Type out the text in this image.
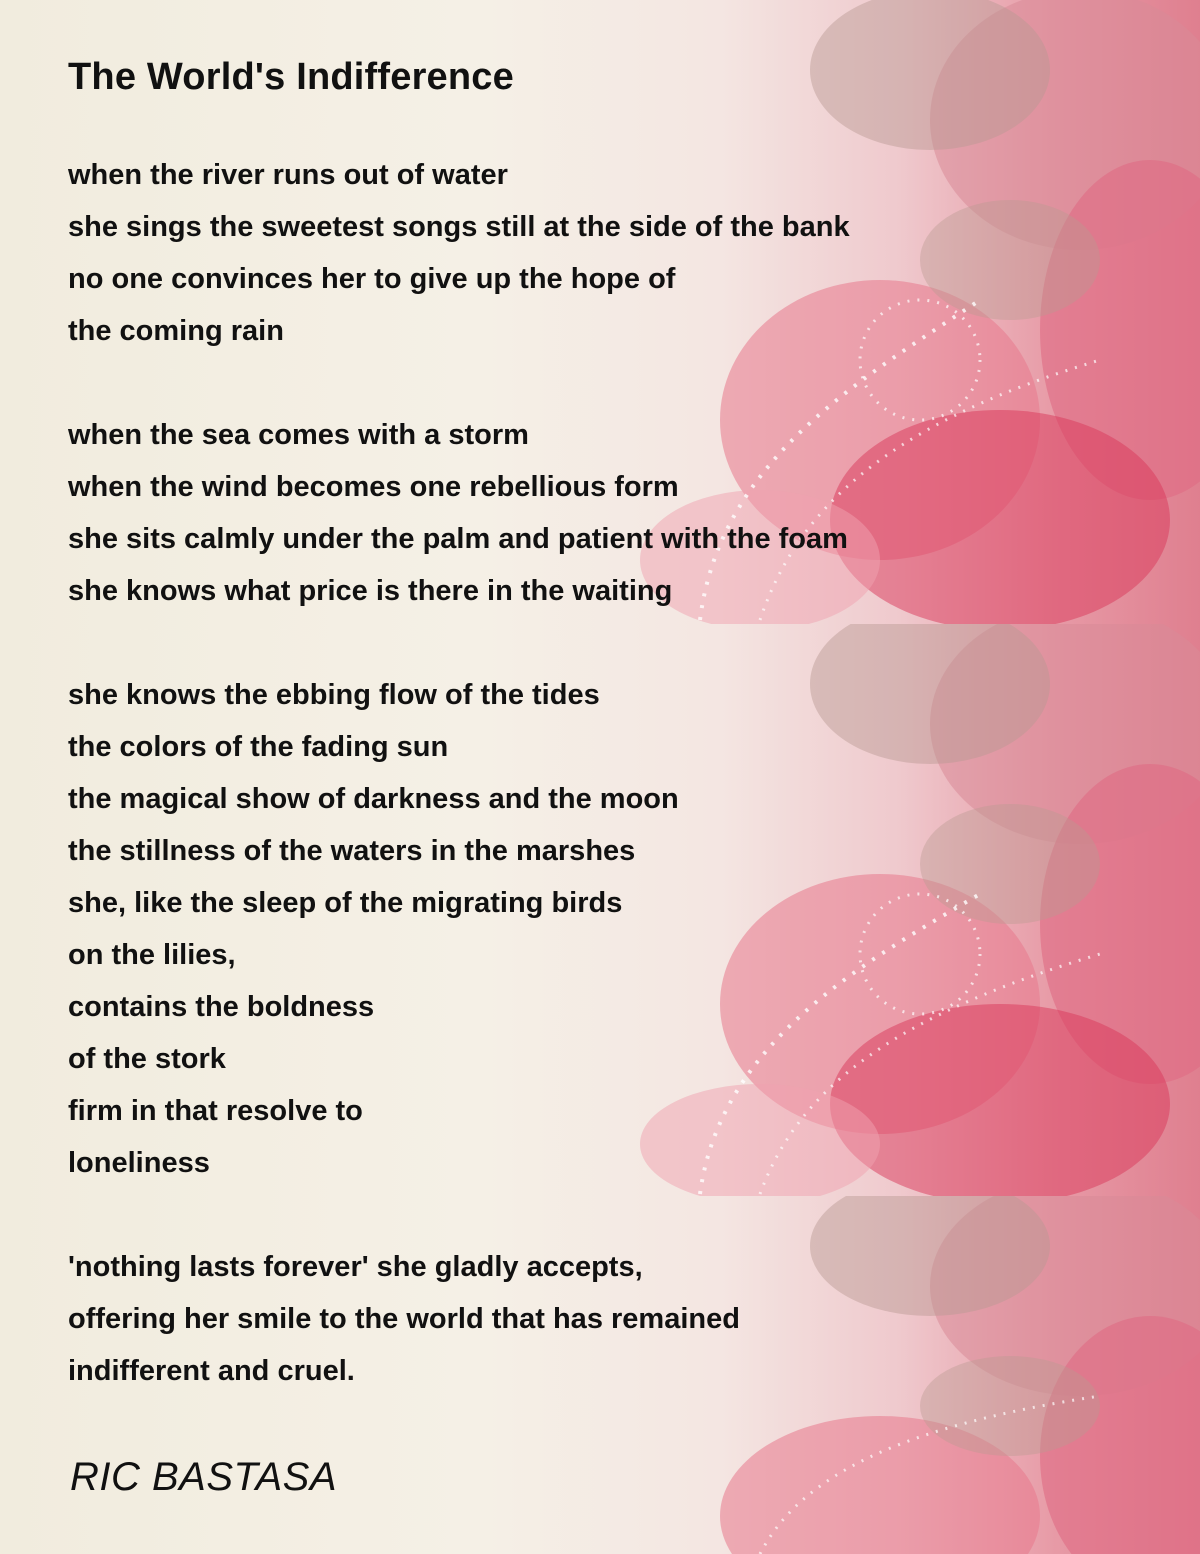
The World's Indifference
when the river runs out of water
she sings the sweetest songs still at the side of the bank
no one convinces her to give up the hope of
the coming rain
when the sea comes with a storm
when the wind becomes one rebellious form
she sits calmly under the palm and patient with the foam
she knows what price is there in the waiting
she knows the ebbing flow of the tides
the colors of the fading sun
the magical show of darkness and the moon
the stillness of the waters in the marshes
she, like the sleep of the migrating birds
on the lilies,
contains the boldness
of the stork
firm in that resolve to
loneliness
'nothing lasts forever' she gladly accepts,
offering her smile to the world that has remained
indifferent and cruel.
RIC BASTASA
